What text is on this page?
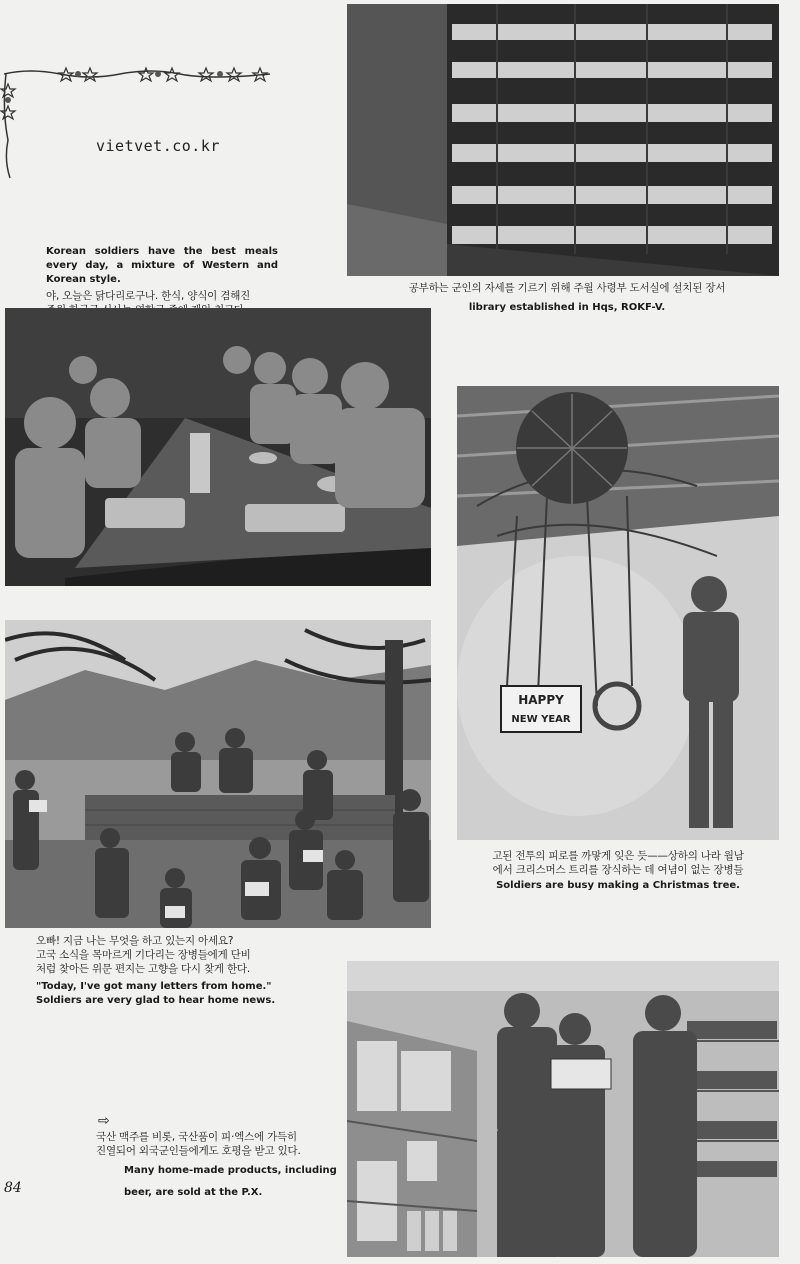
vietvet.co.kr
공부하는 군인의 자세를 기르기 위해 주월 사령부 도서실에 설치된 장서
library established in Hqs, ROKF-V.
Korean soldiers have the best meals every day, a mixture of Western and Korean style.
야, 오늘은 닭다리로구나. 한식, 양식이 겸해진
HAPPY
NEW YEAR
고된 전투의 피로를 까맣게 잊은 듯——상하의 나라 월남
에서 크리스머스 트리를 장식하는 데 여념이 없는 장병들
Soldiers are busy making a Christmas tree.
오빠! 지금 나는 무엇을 하고 있는지 아세요?
고국 소식을 목마르게 기다리는 장병들에게 단비
처럼 찾아든 위문 편지는 고향을 다시 찾게 한다.
"Today, I've got many letters from home."
Soldiers are very glad to hear home news.
⇨
국산 맥주를 비롯, 국산품이 피·엑스에 가득히
진열되어 외국군인들에게도 호평을 받고 있다.
Many home-made products, including
beer, are sold at the P.X.
84
